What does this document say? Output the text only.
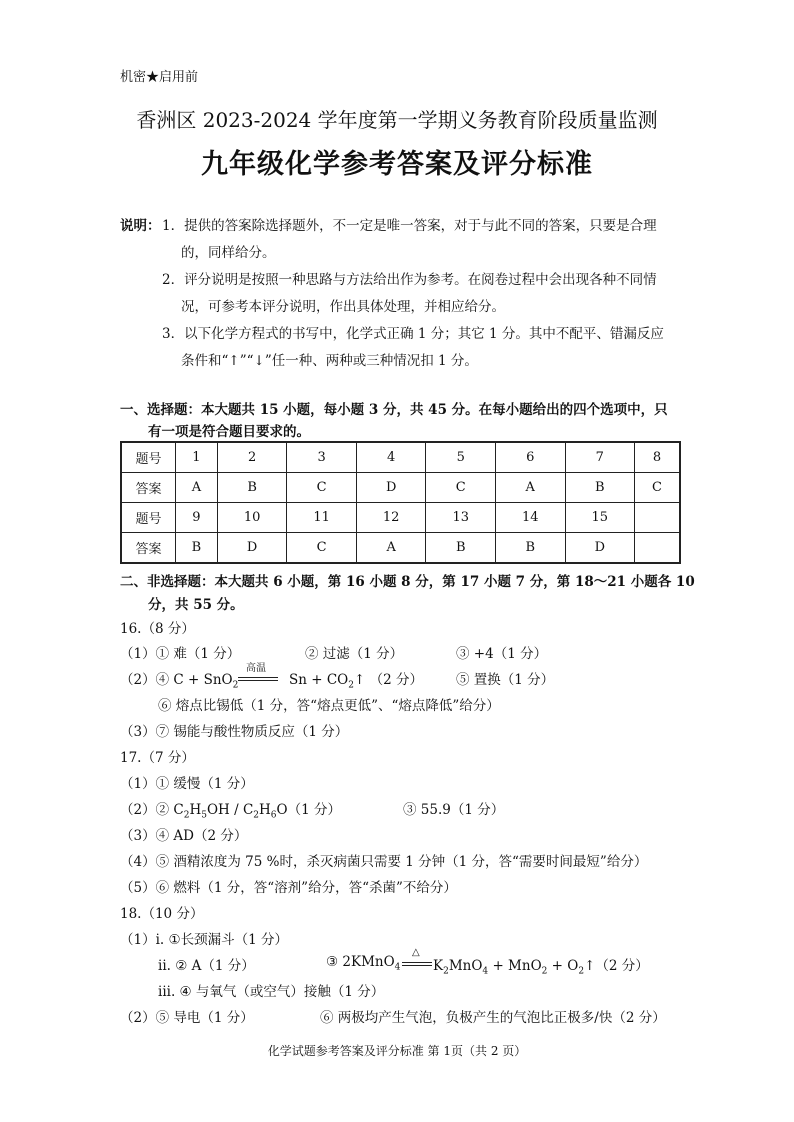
机密★启用前
香洲区 2023-2024 学年度第一学期义务教育阶段质量监测
九年级化学参考答案及评分标准
说明： 1．提供的答案除选择题外，不一定是唯一答案，对于与此不同的答案，只要是合理
的，同样给分。
2．评分说明是按照一种思路与方法给出作为参考。在阅卷过程中会出现各种不同情
况，可参考本评分说明，作出具体处理，并相应给分。
3．以下化学方程式的书写中，化学式正确 1 分；其它 1 分。其中不配平、错漏反应
条件和“↑”“↓”任一种、两种或三种情况扣 1 分。
一、选择题：本大题共 15 小题，每小题 3 分，共 45 分。在每小题给出的四个选项中，只
有一项是符合题目要求的。
题号	1	2	3	4	5	6	7	8
答案	A	B	C	D	C	A	B	C
题号	9	10	11	12	13	14	15	
答案	B	D	C	A	B	B	D	
二、非选择题：本大题共 6 小题，第 16 小题 8 分，第 17 小题 7 分，第 18～21 小题各 10
分，共 55 分。
16.（8 分）
（1）① 难（1 分）	② 过滤（1 分）	③ +4（1 分）
（2）④ C + SnO$_2$
高温
$Sn + CO_2↑$ （2 分） ⑤ 置换（1 分）
⑥ 熔点比锡低（1 分，答“熔点更低”、“熔点降低”给分）
（3）⑦ 锡能与酸性物质反应（1 分）
17.（7 分）
（1）① 缓慢（1 分）
（2）② $C_2H_5OH / C_2H_6O(1$ 分）	③ 55.9（1 分）
（3）④ AD（2 分）
（4）⑤ 酒精浓度为 75 %时，杀灭病菌只需要 1 分钟（1 分，答“需要时间最短”给分）
（5）⑥ 燃料（1 分，答“溶剂”给分，答“杀菌”不给分）
18.（10 分）
（1）i. ①长颈漏斗（1 分）
ii. ② A（1 分）	③ 2KMnO$_4$
△
$K_2MnO_4 + MnO_2$ + $O_2↑(2$ 分）
iii. ④ 与氧气（或空气）接触（1 分）
（2）⑤ 导电（1 分）	⑥ 两极均产生气泡，负极产生的气泡比正极多/快（2 分）
化学试题参考答案及评分标准 第 1页（共 2 页）
